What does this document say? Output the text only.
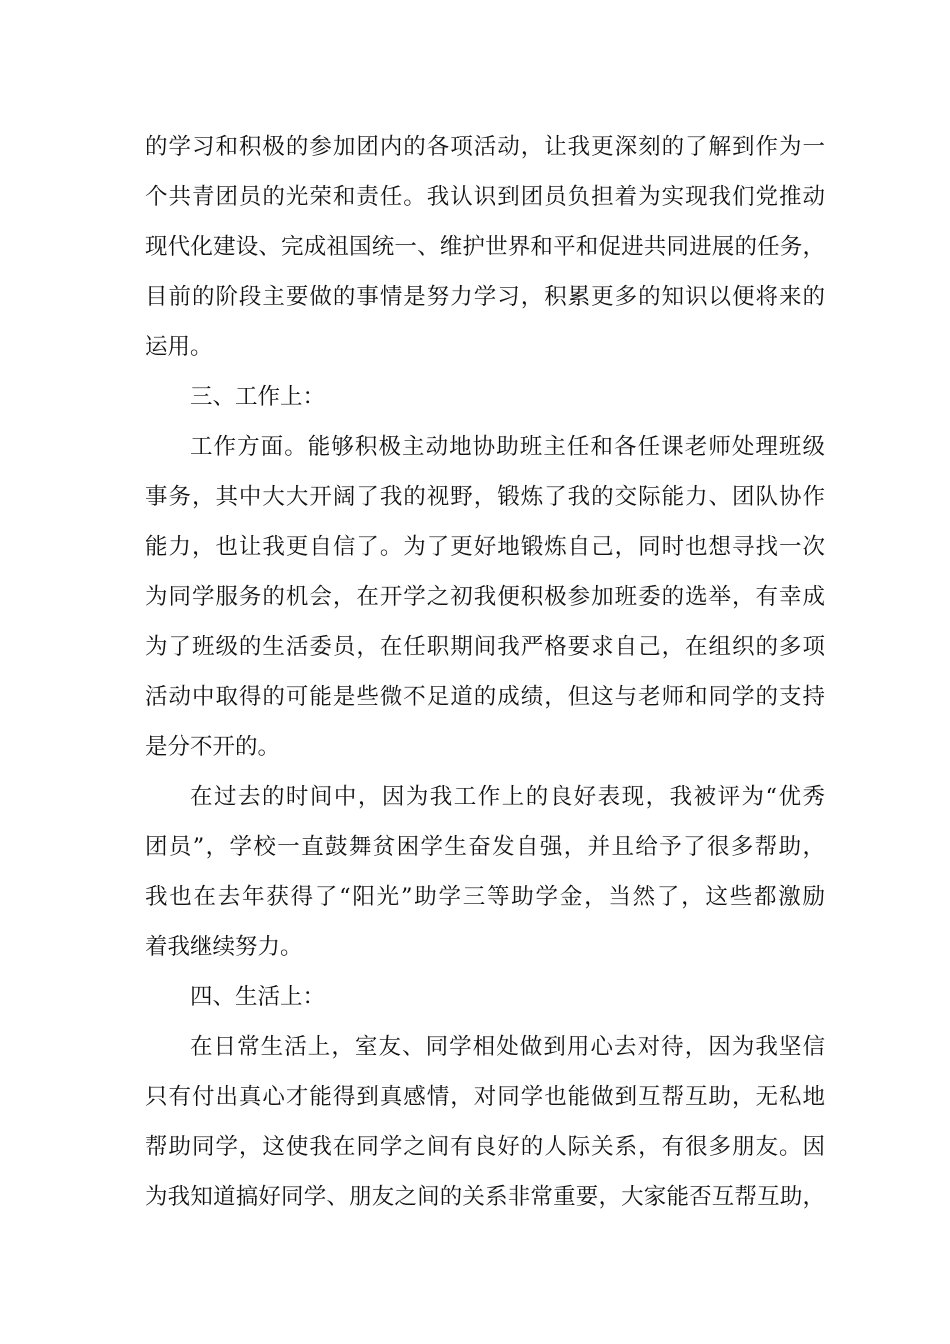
的学习和积极的参加团内的各项活动，让我更深刻的了解到作为一
个共青团员的光荣和责任。我认识到团员负担着为实现我们党推动
现代化建设、完成祖国统一、维护世界和平和促进共同进展的任务，
目前的阶段主要做的事情是努力学习，积累更多的知识以便将来的
运用。
三、工作上：
工作方面。能够积极主动地协助班主任和各任课老师处理班级
事务，其中大大开阔了我的视野，锻炼了我的交际能力、团队协作
能力，也让我更自信了。为了更好地锻炼自己，同时也想寻找一次
为同学服务的机会，在开学之初我便积极参加班委的选举，有幸成
为了班级的生活委员，在任职期间我严格要求自己，在组织的多项
活动中取得的可能是些微不足道的成绩，但这与老师和同学的支持
是分不开的。
在过去的时间中，因为我工作上的良好表现，我被评为“优秀
团员”，学校一直鼓舞贫困学生奋发自强，并且给予了很多帮助，
我也在去年获得了“阳光”助学三等助学金，当然了，这些都激励
着我继续努力。
四、生活上：
在日常生活上，室友、同学相处做到用心去对待，因为我坚信
只有付出真心才能得到真感情，对同学也能做到互帮互助，无私地
帮助同学，这使我在同学之间有良好的人际关系，有很多朋友。因
为我知道搞好同学、朋友之间的关系非常重要，大家能否互帮互助，
